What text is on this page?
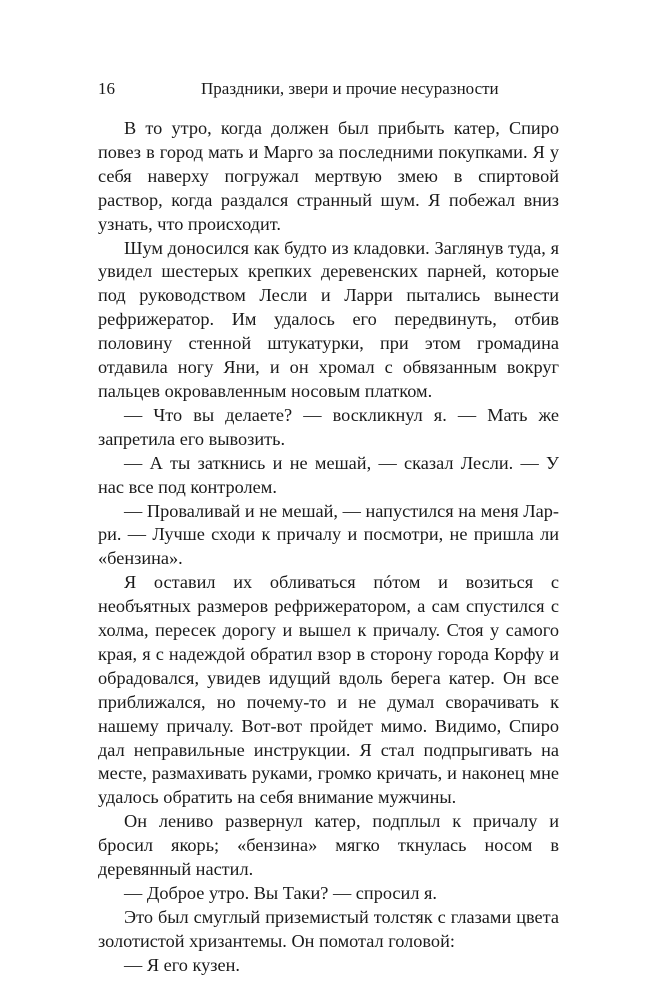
16	Праздники, звери и прочие несуразности

В то утро, когда должен был прибыть катер, Спиро повез в город мать и Марго за последними покупками. Я у себя наверху погружал мертвую змею в спиртовой раствор, когда раздался странный шум. Я побежал вниз узнать, что происходит.

Шум доносился как будто из кладовки. Заглянув туда, я увидел шестерых крепких деревенских парней, которые под руководством Лесли и Ларри пытались вынести рефрижератор. Им удалось его передвинуть, отбив половину стенной штукатурки, при этом громадина отдавила ногу Яни, и он хромал с обвязанным вокруг пальцев окровавленным носовым платком.

— Что вы делаете? — воскликнул я. — Мать же запретила его вывозить.

— А ты заткнись и не мешай, — сказал Лесли. — У нас все под контролем.

— Проваливай и не мешай, — напустился на меня Ларри. — Лучше сходи к причалу и посмотри, не пришла ли «бензина».

Я оставил их обливаться пóтом и возиться с необъятных размеров рефрижератором, а сам спустился с холма, пересек дорогу и вышел к причалу. Стоя у самого края, я с надеждой обратил взор в сторону города Корфу и обрадовался, увидев идущий вдоль берега катер. Он все приближался, но почему-то и не думал сворачивать к нашему причалу. Вот-вот пройдет мимо. Видимо, Спиро дал неправильные инструкции. Я стал подпрыгивать на месте, размахивать руками, громко кричать, и наконец мне удалось обратить на себя внимание мужчины.

Он лениво развернул катер, подплыл к причалу и бросил якорь; «бензина» мягко ткнулась носом в деревянный настил.

— Доброе утро. Вы Таки? — спросил я.

Это был смуглый приземистый толстяк с глазами цвета золотистой хризантемы. Он помотал головой:

— Я его кузен.
